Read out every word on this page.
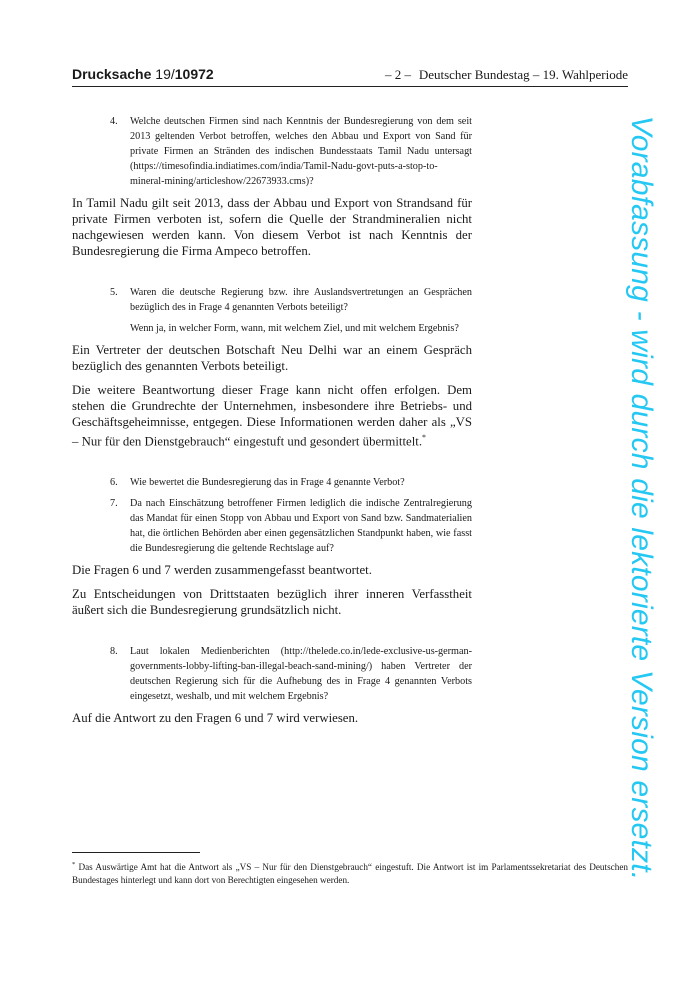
Drucksache 19/10972	– 2 – Deutscher Bundestag – 19. Wahlperiode
4. Welche deutschen Firmen sind nach Kenntnis der Bundesregierung von dem seit 2013 geltenden Verbot betroffen, welches den Abbau und Export von Sand für private Firmen an Stränden des indischen Bundesstaats Tamil Nadu untersagt (https://timesofindia.indiatimes.com/india/Tamil-Nadu-govt-puts-a-stop-to-mineral-mining/articleshow/22673933.cms)?

In Tamil Nadu gilt seit 2013, dass der Abbau und Export von Strandsand für private Firmen verboten ist, sofern die Quelle der Strandmineralien nicht nachgewiesen werden kann. Von diesem Verbot ist nach Kenntnis der Bundesregierung die Firma Ampeco betroffen.

5. Waren die deutsche Regierung bzw. ihre Auslandsvertretungen an Gesprächen bezüglich des in Frage 4 genannten Verbots beteiligt?

Wenn ja, in welcher Form, wann, mit welchem Ziel, und mit welchem Ergebnis?

Ein Vertreter der deutschen Botschaft Neu Delhi war an einem Gespräch bezüglich des genannten Verbots beteiligt.

Die weitere Beantwortung dieser Frage kann nicht offen erfolgen. Dem stehen die Grundrechte der Unternehmen, insbesondere ihre Betriebs- und Geschäftsgeheimnisse, entgegen. Diese Informationen werden daher als „VS – Nur für den Dienstgebrauch“ eingestuft und gesondert übermittelt.*

6. Wie bewertet die Bundesregierung das in Frage 4 genannte Verbot?

7. Da nach Einschätzung betroffener Firmen lediglich die indische Zentralregierung das Mandat für einen Stopp von Abbau und Export von Sand bzw. Sandmaterialien hat, die örtlichen Behörden aber einen gegensätzlichen Standpunkt haben, wie fasst die Bundesregierung die geltende Rechtslage auf?

Die Fragen 6 und 7 werden zusammengefasst beantwortet.

Zu Entscheidungen von Drittstaaten bezüglich ihrer inneren Verfasstheit äußert sich die Bundesregierung grundsätzlich nicht.

8. Laut lokalen Medienberichten (http://thelede.co.in/lede-exclusive-us-german-governments-lobby-lifting-ban-illegal-beach-sand-mining/) haben Vertreter der deutschen Regierung sich für die Aufhebung des in Frage 4 genannten Verbots eingesetzt, weshalb, und mit welchem Ergebnis?

Auf die Antwort zu den Fragen 6 und 7 wird verwiesen.

* Das Auswärtige Amt hat die Antwort als „VS – Nur für den Dienstgebrauch“ eingestuft. Die Antwort ist im Parlamentssekretariat des Deutschen Bundestages hinterlegt und kann dort von Berechtigten eingesehen werden.	Vorabfassung - wird durch die lektorierte Version ersetzt.
